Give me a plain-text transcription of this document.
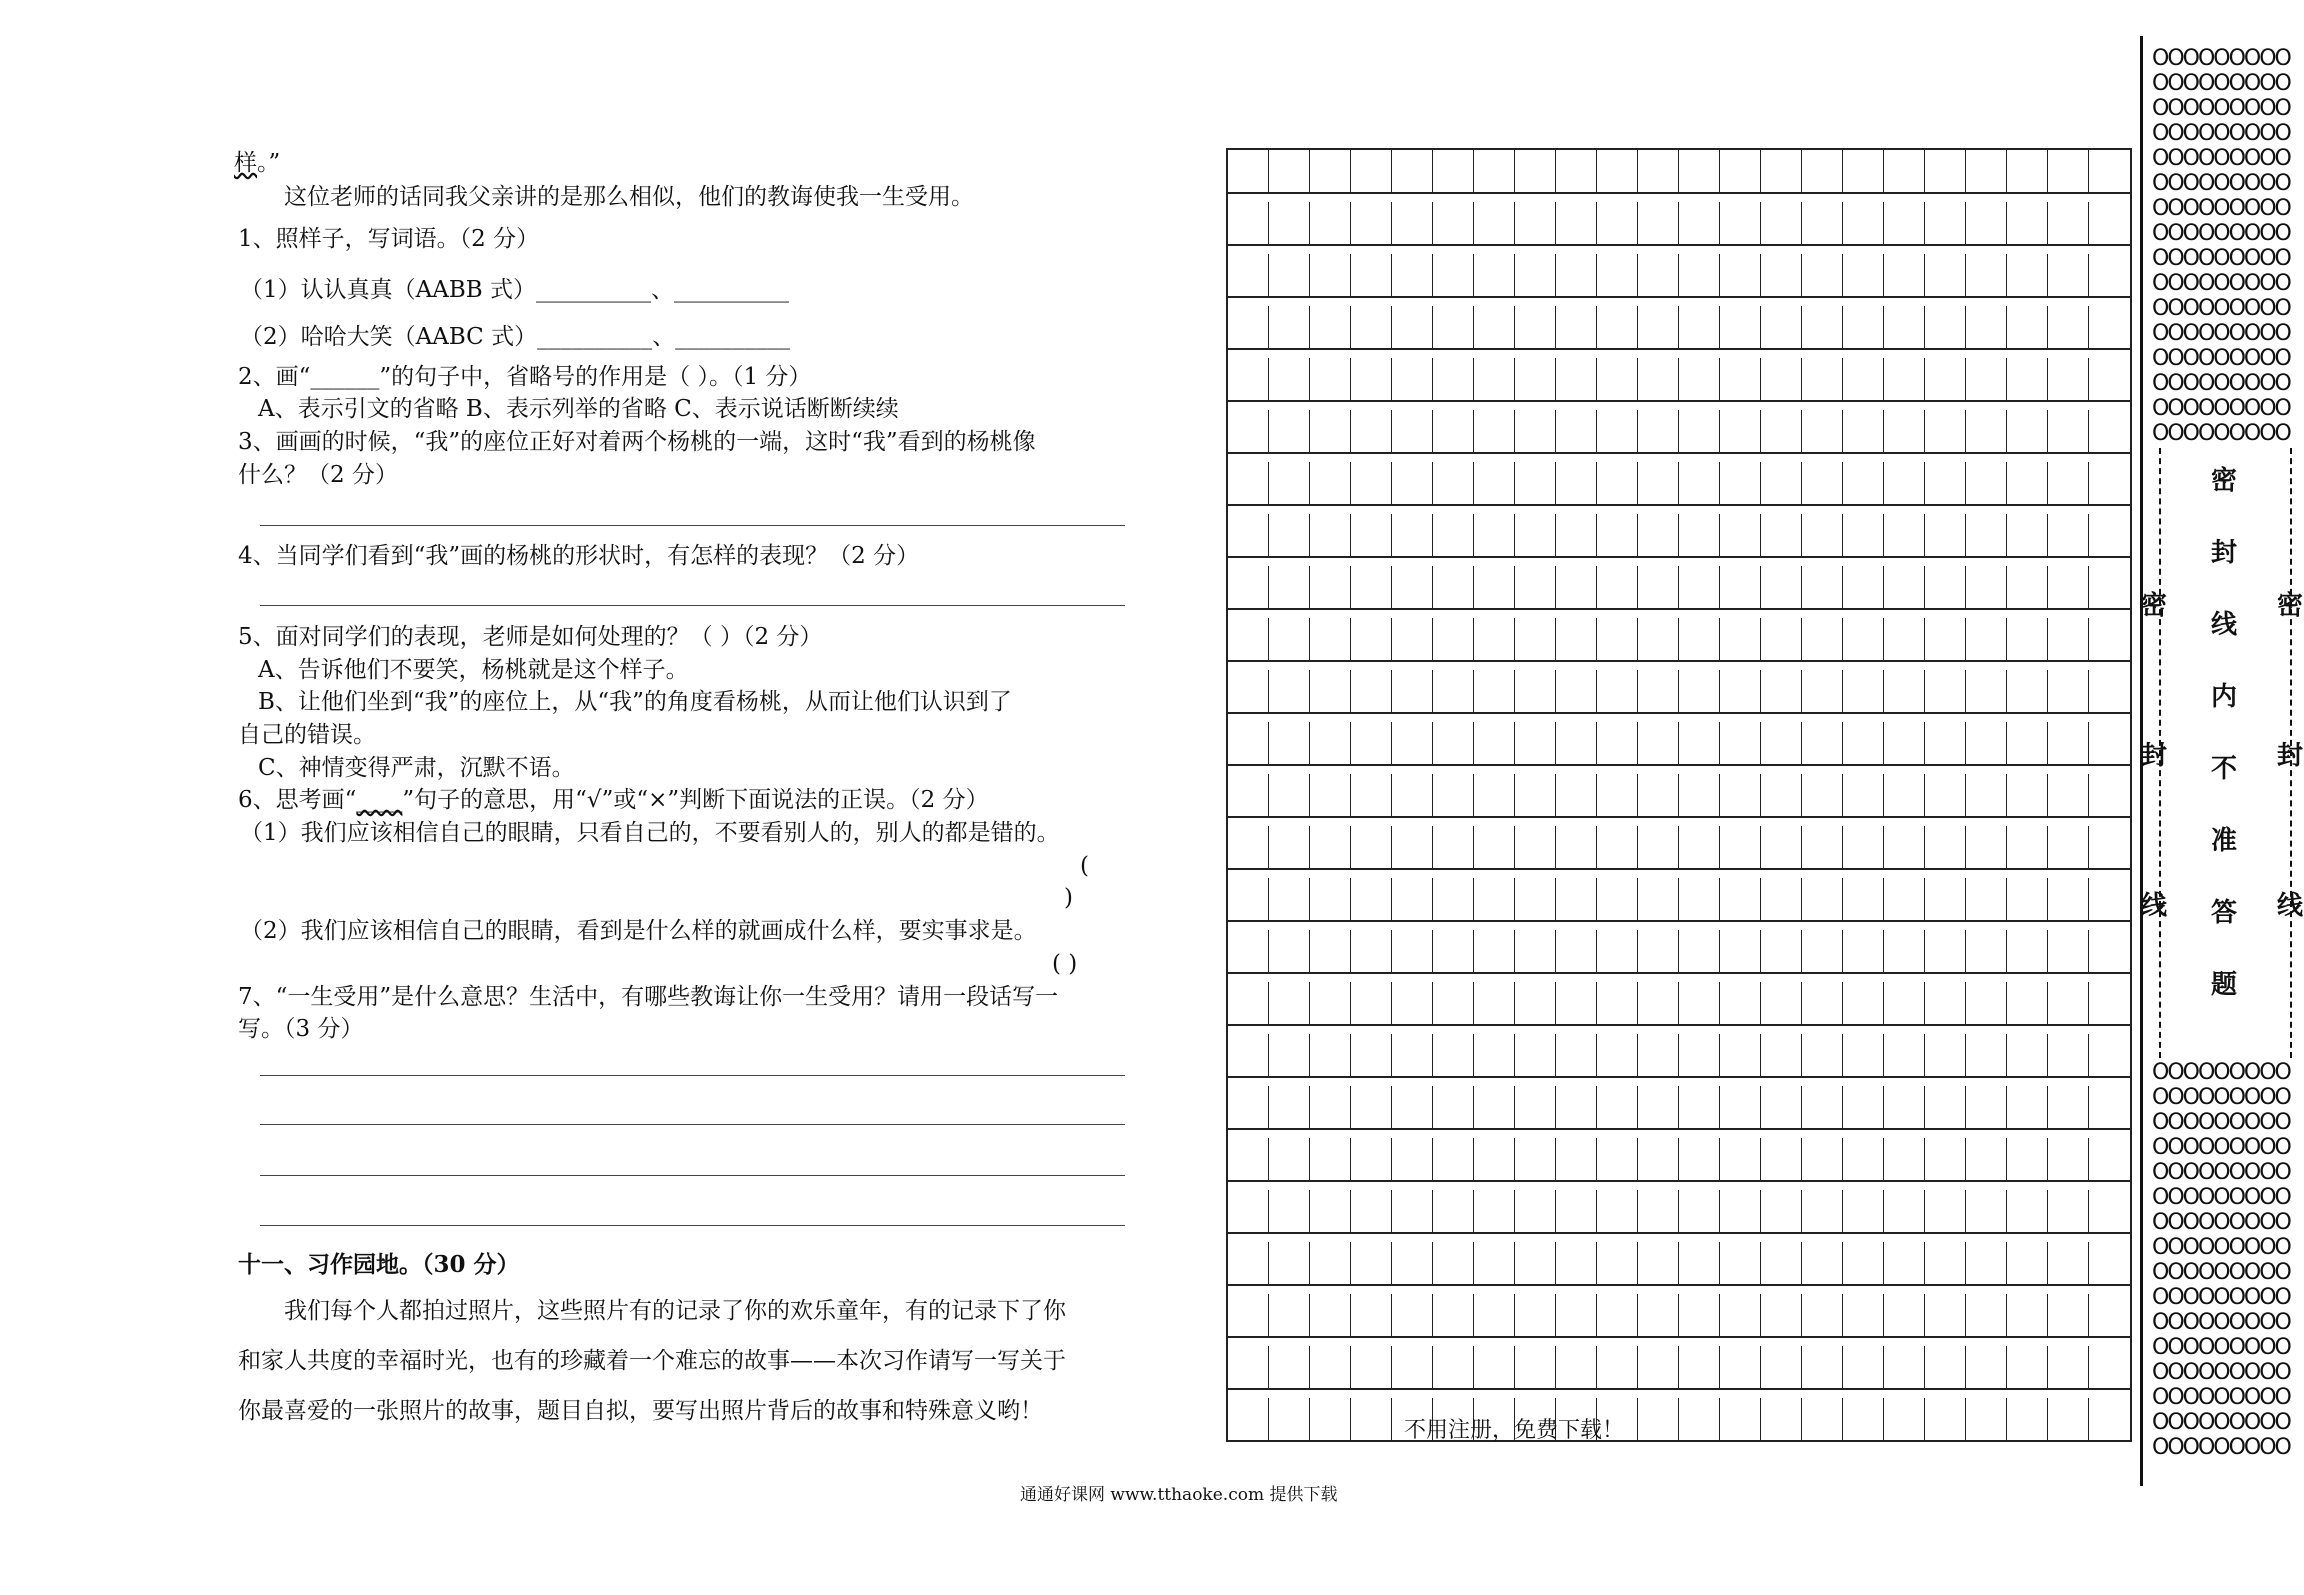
样。”
这位老师的话同我父亲讲的是那么相似，他们的教诲使我一生受用。
1、照样子，写词语。（2 分）
（1）认认真真（AABB 式）__________、__________
（2）哈哈大笑（AABC 式）__________、__________
2、画“______”的句子中，省略号的作用是（ ）。（1 分）
A、表示引文的省略 B、表示列举的省略 C、表示说话断断续续
3、画画的时候，“我”的座位正好对着两个杨桃的一端，这时“我”看到的杨桃像
什么？（2 分）
4、当同学们看到“我”画的杨桃的形状时，有怎样的表现？（2 分）
5、面对同学们的表现，老师是如何处理的？（ ）（2 分）
A、告诉他们不要笑，杨桃就是这个样子。
B、让他们坐到“我”的座位上，从“我”的角度看杨桃，从而让他们认识到了
自己的错误。
C、神情变得严肃，沉默不语。
6、思考画“____”句子的意思，用“√”或“×”判断下面说法的正误。（2 分）
（1）我们应该相信自己的眼睛，只看自己的，不要看别人的，别人的都是错的。
(
)
（2）我们应该相信自己的眼睛，看到是什么样的就画成什么样，要实事求是。
( )
7、“一生受用”是什么意思？生活中，有哪些教诲让你一生受用？请用一段话写一
写。（3 分）
十一、习作园地。（30 分）
我们每个人都拍过照片，这些照片有的记录了你的欢乐童年，有的记录下了你
和家人共度的幸福时光，也有的珍藏着一个难忘的故事——本次习作请写一写关于
你最喜爱的一张照片的故事，题目自拟，要写出照片背后的故事和特殊意义哟！
不用注册，免费下载！
通通好课网 www.tthaoke.com 提供下载
OOOOOOOOO
OOOOOOOOO
OOOOOOOOO
OOOOOOOOO
OOOOOOOOO
OOOOOOOOO
OOOOOOOOO
OOOOOOOOO
OOOOOOOOO
OOOOOOOOO
OOOOOOOOO
OOOOOOOOO
OOOOOOOOO
OOOOOOOOO
OOOOOOOOO
OOOOOOOOO
OOOOOOOOO
OOOOOOOOO
OOOOOOOOO
OOOOOOOOO
OOOOOOOOO
OOOOOOOOO
OOOOOOOOO
OOOOOOOOO
OOOOOOOOO
OOOOOOOOO
OOOOOOOOO
OOOOOOOOO
OOOOOOOOO
OOOOOOOOO
OOOOOOOOO
OOOOOOOOO
密
封
线
内
不
准
答
题
密
封
线
密
封
线
